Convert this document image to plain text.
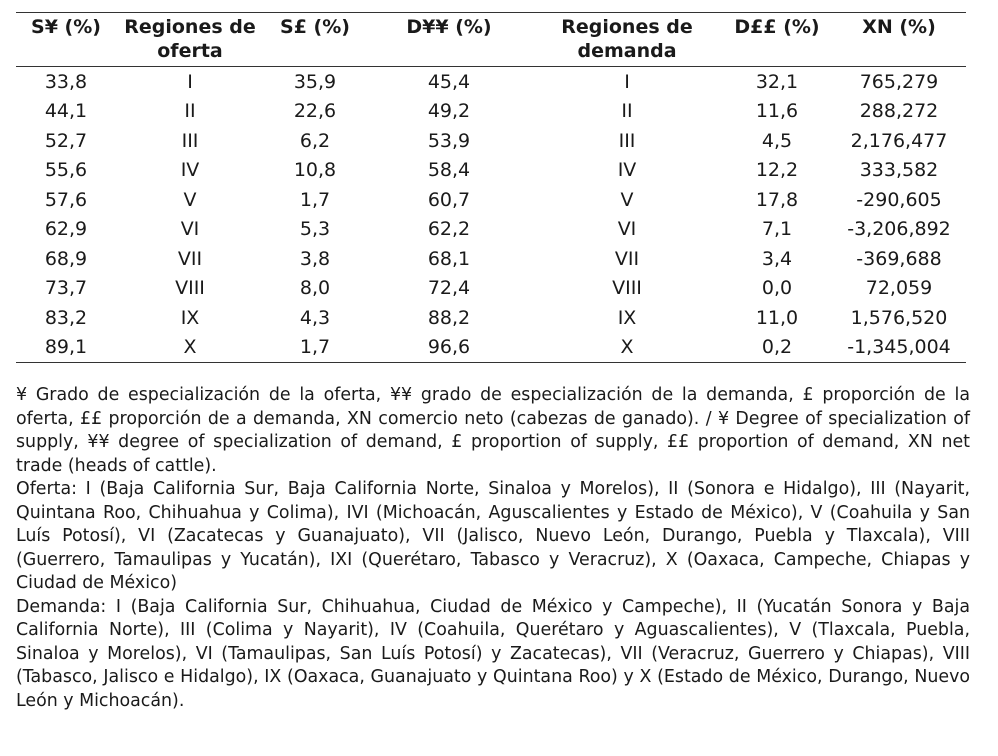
S¥ (%)	Regiones de oferta	S£ (%)	D¥¥ (%)	Regiones de demanda	D££ (%)	XN (%)
33,8	I	35,9	45,4	I	32,1	765,279
44,1	II	22,6	49,2	II	11,6	288,272
52,7	III	6,2	53,9	III	4,5	2,176,477
55,6	IV	10,8	58,4	IV	12,2	333,582
57,6	V	1,7	60,7	V	17,8	-290,605
62,9	VI	5,3	62,2	VI	7,1	-3,206,892
68,9	VII	3,8	68,1	VII	3,4	-369,688
73,7	VIII	8,0	72,4	VIII	0,0	72,059
83,2	IX	4,3	88,2	IX	11,0	1,576,520
89,1	X	1,7	96,6	X	0,2	-1,345,004

¥ Grado de especialización de la oferta, ¥¥ grado de especialización de la demanda, £ proporción de la oferta, ££ proporción de a demanda, XN comercio neto (cabezas de ganado). / ¥ Degree of specialization of supply, ¥¥ degree of specialization of demand, £ proportion of supply, ££ proportion of demand, XN net trade (heads of cattle).

Oferta: I (Baja California Sur, Baja California Norte, Sinaloa y Morelos), II (Sonora e Hidalgo), III (Nayarit, Quintana Roo, Chihuahua y Colima), IVI (Michoacán, Aguscalientes y Estado de México), V (Coahuila y San Luís Potosí), VI (Zacatecas y Guanajuato), VII (Jalisco, Nuevo León, Durango, Puebla y Tlaxcala), VIII (Guerrero, Tamaulipas y Yucatán), IXI (Querétaro, Tabasco y Veracruz), X (Oaxaca, Campeche, Chiapas y Ciudad de México)

Demanda: I (Baja California Sur, Chihuahua, Ciudad de México y Campeche), II (Yucatán Sonora y Baja California Norte), III (Colima y Nayarit), IV (Coahuila, Querétaro y Aguascalientes), V (Tlaxcala, Puebla, Sinaloa y Morelos), VI (Tamaulipas, San Luís Potosí) y Zacatecas), VII (Veracruz, Guerrero y Chiapas), VIII (Tabasco, Jalisco e Hidalgo), IX (Oaxaca, Guanajuato y Quintana Roo) y X (Estado de México, Durango, Nuevo León y Michoacán).
